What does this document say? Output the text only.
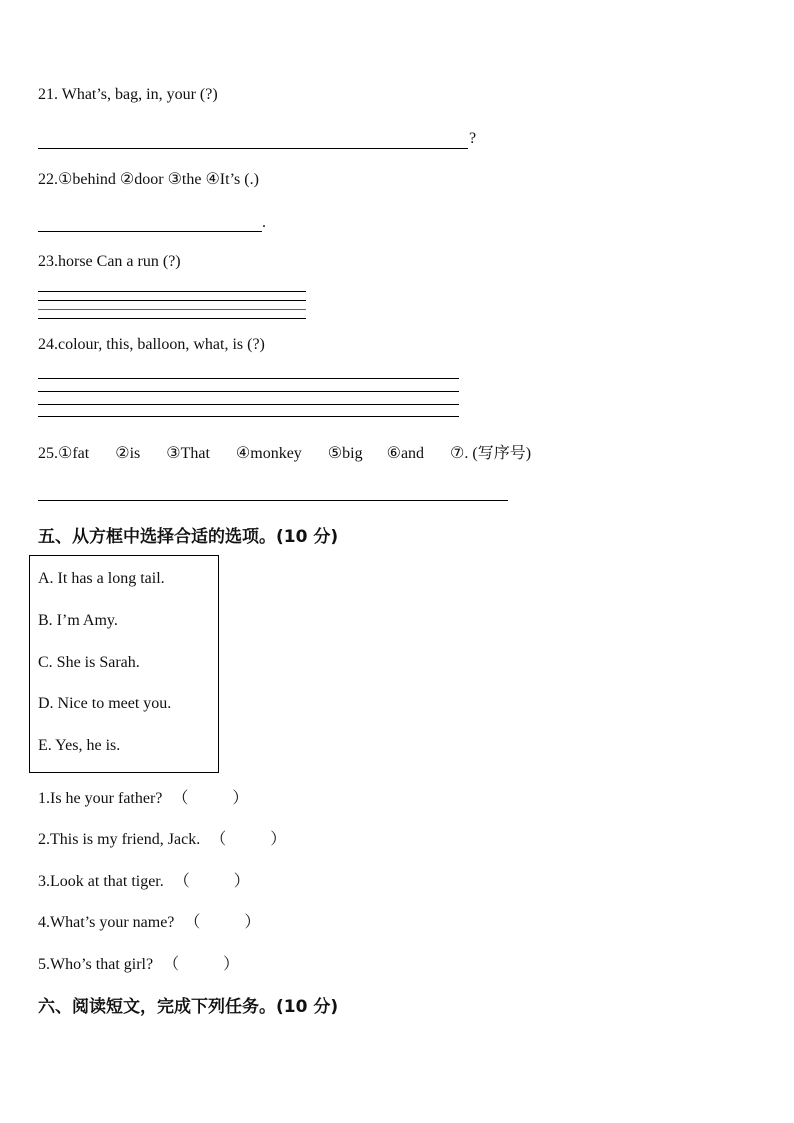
21. What’s, bag, in, your (?)
?
22.①behind ②door ③the ④It’s (.)
.
23.horse Can a run (?)
24.colour, this, balloon, what, is (?)
25.①fat ②is ③That ④monkey ⑤big ⑥and ⑦. (写序号)
五、从方框中选择合适的选项。(10 分)
A. It has a long tail.
B. I’m Amy.
C. She is Sarah.
D. Nice to meet you.
E. Yes, he is.
1.Is he your father? （	）
2.This is my friend, Jack. （	）
3.Look at that tiger. （	）
4.What’s your name? （	）
5.Who’s that girl? （	）
六、阅读短文，完成下列任务。(10 分)
